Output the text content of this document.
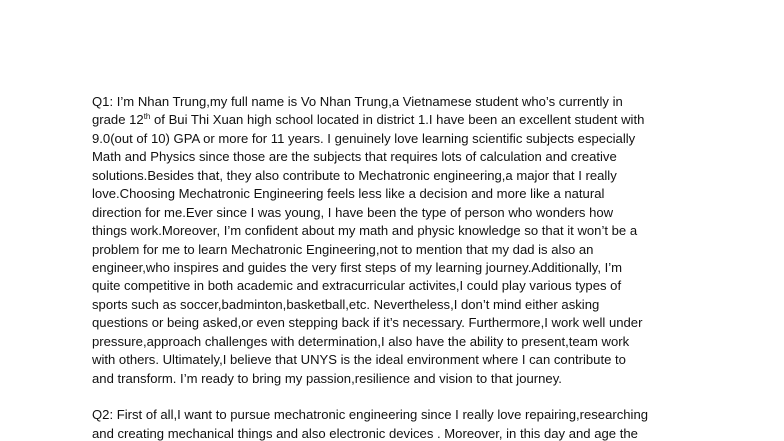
Q1: I’m Nhan Trung,my full name is Vo Nhan Trung,a Vietnamese student who’s currently in
grade 12th of Bui Thi Xuan high school located in district 1.I have been an excellent student with
9.0(out of 10) GPA or more for 11 years. I genuinely love learning scientific subjects especially
Math and Physics since those are the subjects that requires lots of calculation and creative
solutions.Besides that, they also contribute to Mechatronic engineering,a major that I really
love.Choosing Mechatronic Engineering feels less like a decision and more like a natural
direction for me.Ever since I was young, I have been the type of person who wonders how
things work.Moreover, I’m confident about my math and physic knowledge so that it won’t be a
problem for me to learn Mechatronic Engineering,not to mention that my dad is also an
engineer,who inspires and guides the very first steps of my learning journey.Additionally, I’m
quite competitive in both academic and extracurricular activites,I could play various types of
sports such as soccer,badminton,basketball,etc. Nevertheless,I don’t mind either asking
questions or being asked,or even stepping back if it’s necessary. Furthermore,I work well under
pressure,approach challenges with determination,I also have the ability to present,team work
with others. Ultimately,I believe that UNYS is the ideal environment where I can contribute to
and transform. I’m ready to bring my passion,resilience and vision to that journey.
Q2: First of all,I want to pursue mechatronic engineering since I really love repairing,researching
and creating mechanical things and also electronic devices . Moreover, in this day and age the
